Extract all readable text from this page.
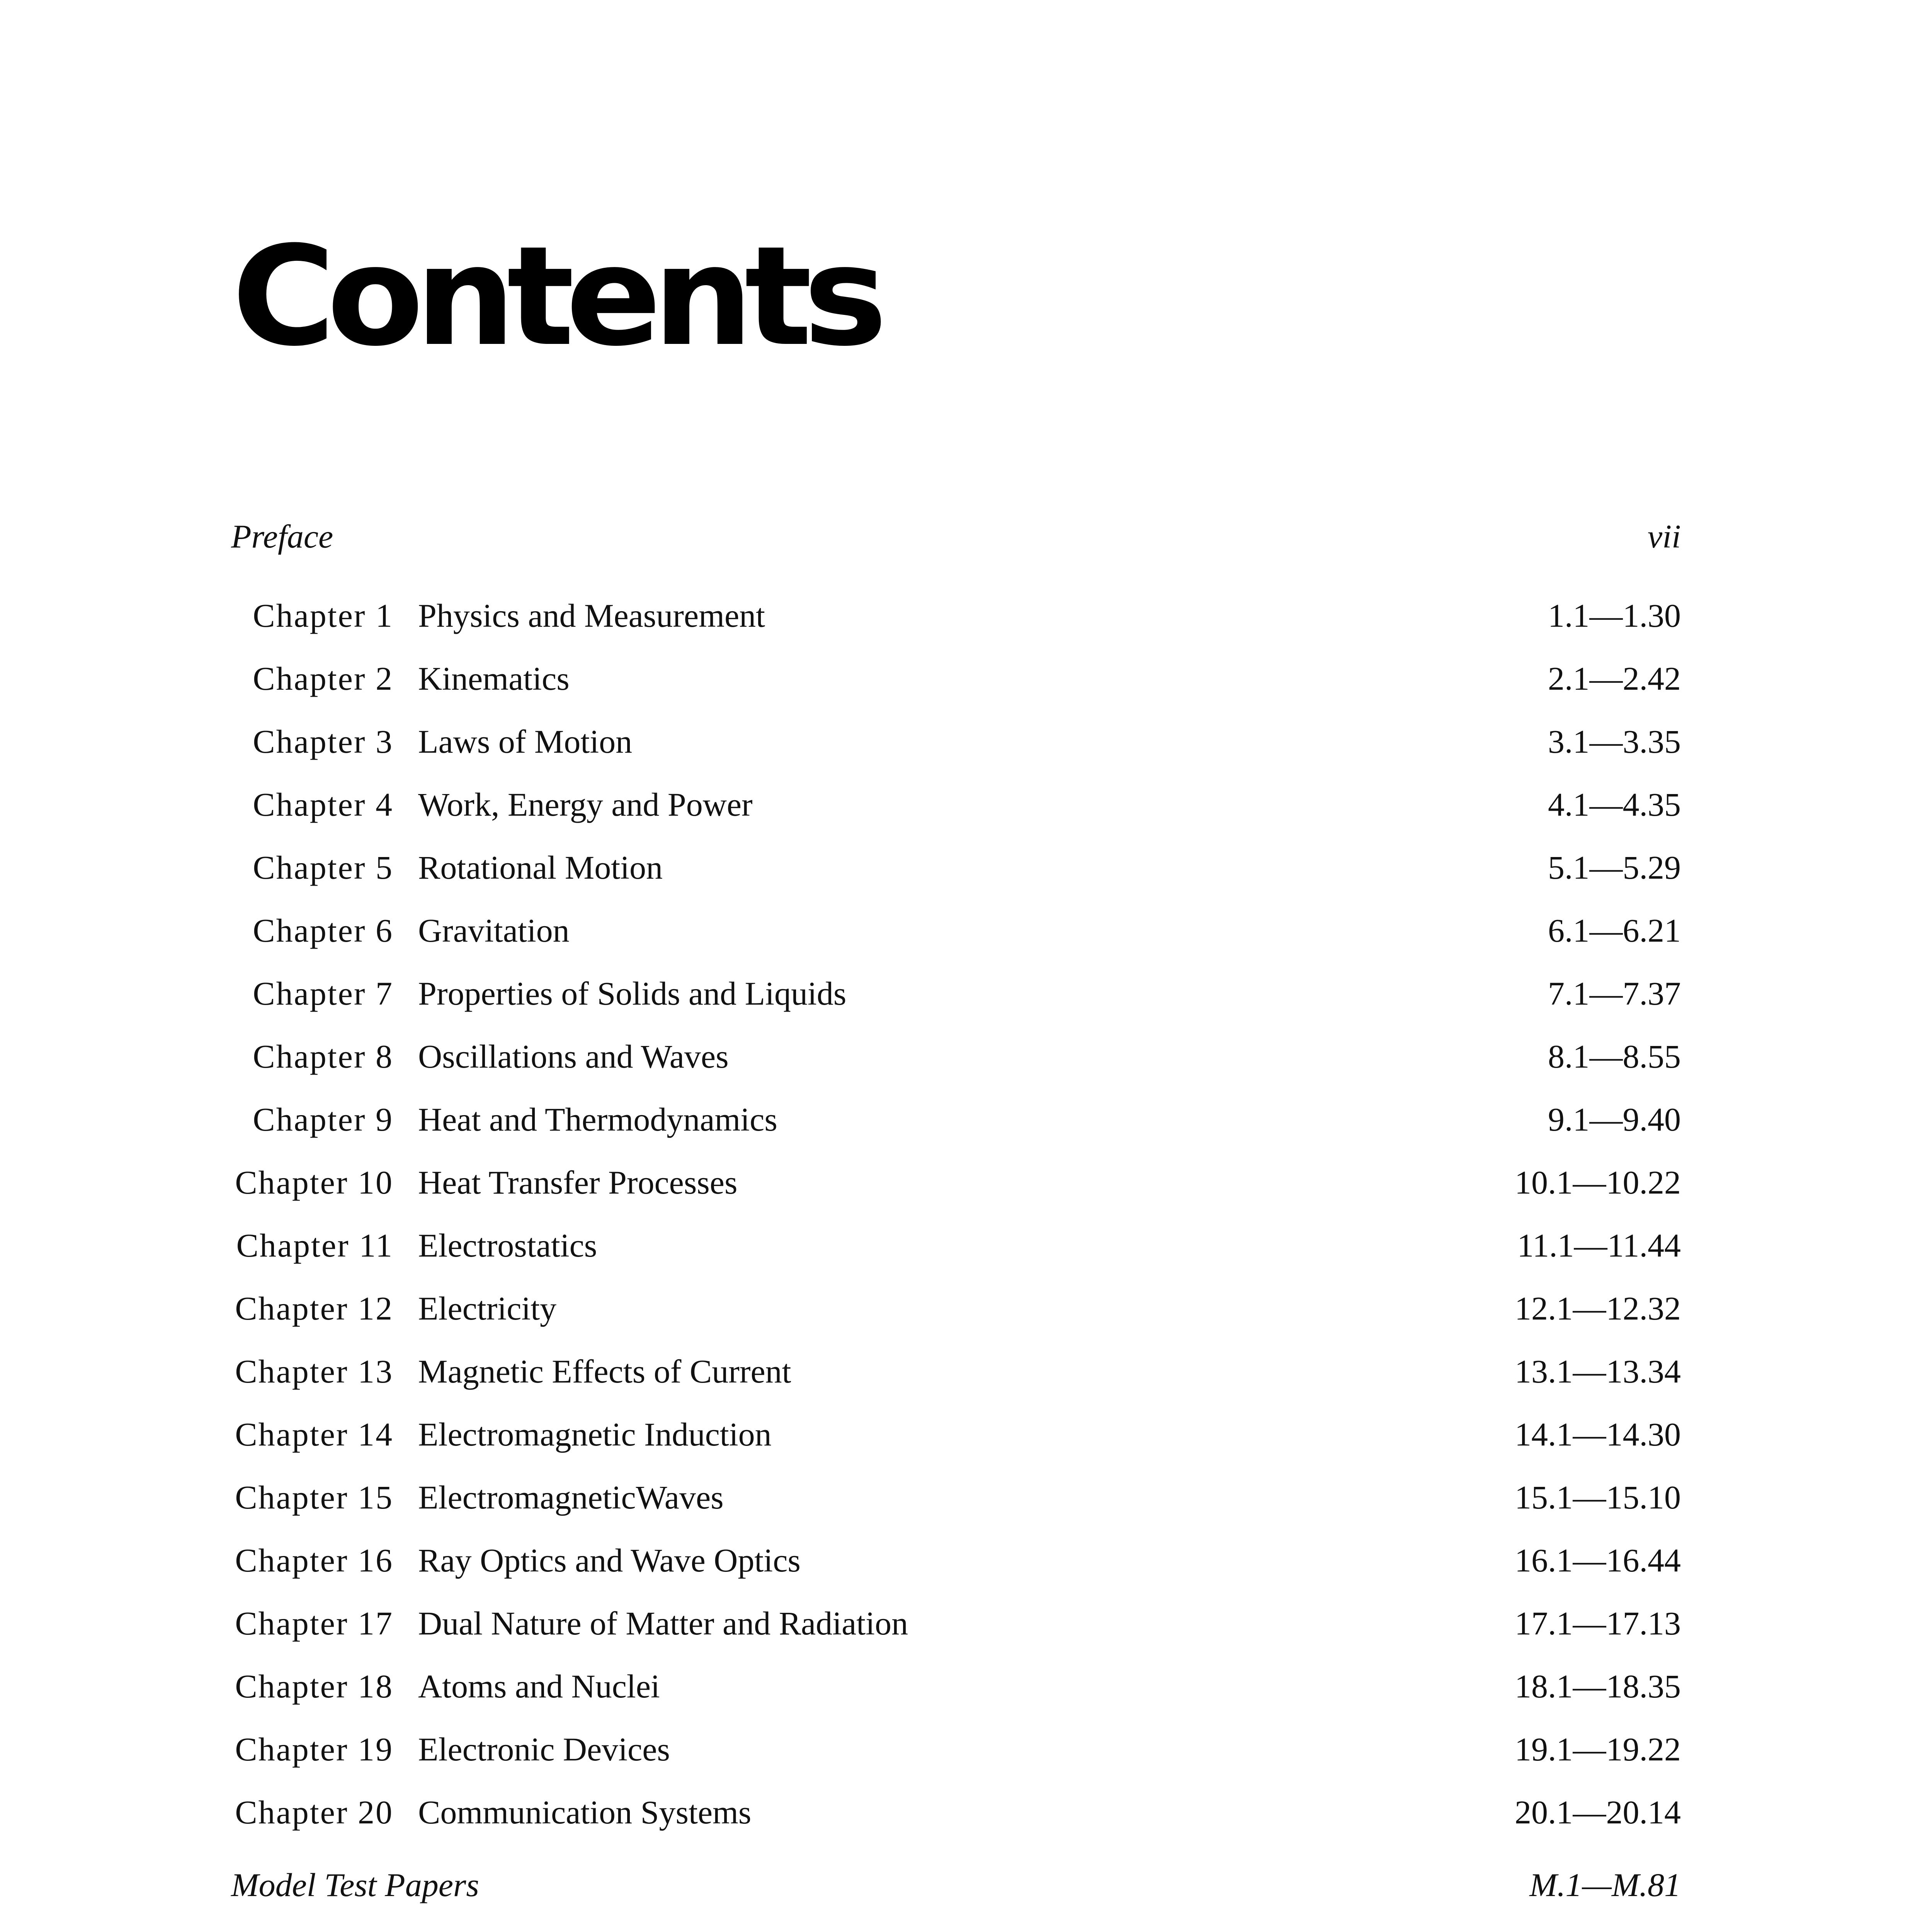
Contents
Preface	vii
Chapter 1 Physics and Measurement	1.1—1.30
Chapter 2 Kinematics	2.1—2.42
Chapter 3 Laws of Motion	3.1—3.35
Chapter 4 Work, Energy and Power	4.1—4.35
Chapter 5 Rotational Motion	5.1—5.29
Chapter 6 Gravitation	6.1—6.21
Chapter 7 Properties of Solids and Liquids	7.1—7.37
Chapter 8 Oscillations and Waves	8.1—8.55
Chapter 9 Heat and Thermodynamics	9.1—9.40
Chapter 10 Heat Transfer Processes	10.1—10.22
Chapter 11 Electrostatics	11.1—11.44
Chapter 12 Electricity	12.1—12.32
Chapter 13 Magnetic Effects of Current	13.1—13.34
Chapter 14 Electromagnetic Induction	14.1—14.30
Chapter 15 ElectromagneticWaves	15.1—15.10
Chapter 16 Ray Optics and Wave Optics	16.1—16.44
Chapter 17 Dual Nature of Matter and Radiation	17.1—17.13
Chapter 18 Atoms and Nuclei	18.1—18.35
Chapter 19 Electronic Devices	19.1—19.22
Chapter 20 Communication Systems	20.1—20.14
Model Test Papers	M.1—M.81
